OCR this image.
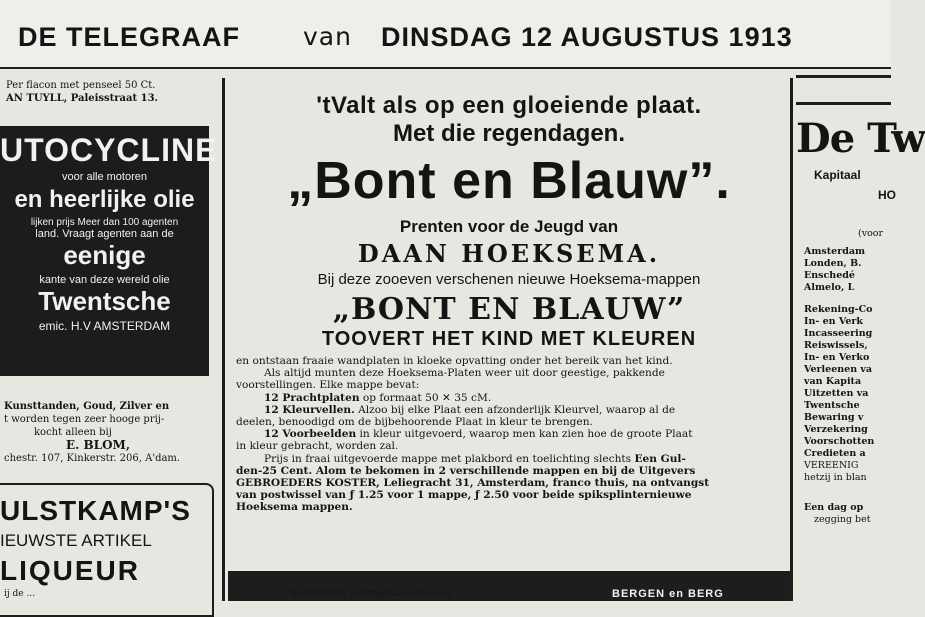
DE TELEGRAAF	van DINSDAG 12 AUGUSTUS 1913
Per flacon met penseel 50 Ct.
AN TUYLL, Paleisstraat 13.
UTOCYCLINE
voor alle motoren
en heerlijke olie
lijken prijs Meer dan 100 agenten
land. Vraagt agenten aan de
eenige
kante van deze wereld olie
Twentsche
emic. H.V AMSTERDAM
Kunsttanden, Goud, Zilver en
t worden tegen zeer hooge prij-
kocht alleen bij
E. BLOM,
chestr. 107, Kinkerstr. 206, A'dam.
ULSTKAMP'S
IEUWSTE ARTIKEL
LIQUEUR
'tValt als op een gloeiende plaat.
Met die regendagen.
„Bont en Blauw”.
Prenten voor de Jeugd van
DAAN HOEKSEMA.
Bij deze zooeven verschenen nieuwe Hoeksema-mappen
„BONT EN BLAUW”
TOOVERT HET KIND MET KLEUREN
en ontstaan fraaie wandplaten in kloeke opvatting onder het bereik van het kind.
Als altijd munten deze Hoeksema-Platen weer uit door geestige, pakkende
voorstellingen. Elke mappe bevat:
12 Prachtplaten op formaat 50 ✕ 35 cM.
12 Kleurvellen. Alzoo bij elke Plaat een afzonderlijk Kleurvel, waarop al de
deelen, benoodigd om de bijbehoorende Plaat in kleur te brengen.
12 Voorbeelden in kleur uitgevoerd, waarop men kan zien hoe de groote Plaat
in kleur gebracht, worden zal.
Prijs in fraai uitgevoerde mappe met plakbord en toelichting slechts Een Gul-
den-25 Cent. Alom te bekomen in 2 verschillende mappen en bij de Uitgevers
GEBROEDERS KOSTER, Leliegracht 31, Amsterdam, franco thuis, na ontvangst
van postwissel van ƒ 1.25 voor 1 mappe, ƒ 2.50 voor beide spiksplinternieuwe
Hoeksema mappen.
De Tw
Kapitaal
HO
(voor
Amsterdam
Londen, B.
Enschedé
Almelo, L
Rekening-Co
In- en Verk
Incasseering
Reiswissels,
In- en Verko
Verleenen va
van Kapita
Uitzetten va
Twentsche
Bewaring v
Verzekering
Voorschotten
Credieten a
VEREENIG
hetzij in blan
Een dag op
zegging bet
ij de ...	Boekhandel, verkrijgbaar. Franco a	BERGEN en BERG
